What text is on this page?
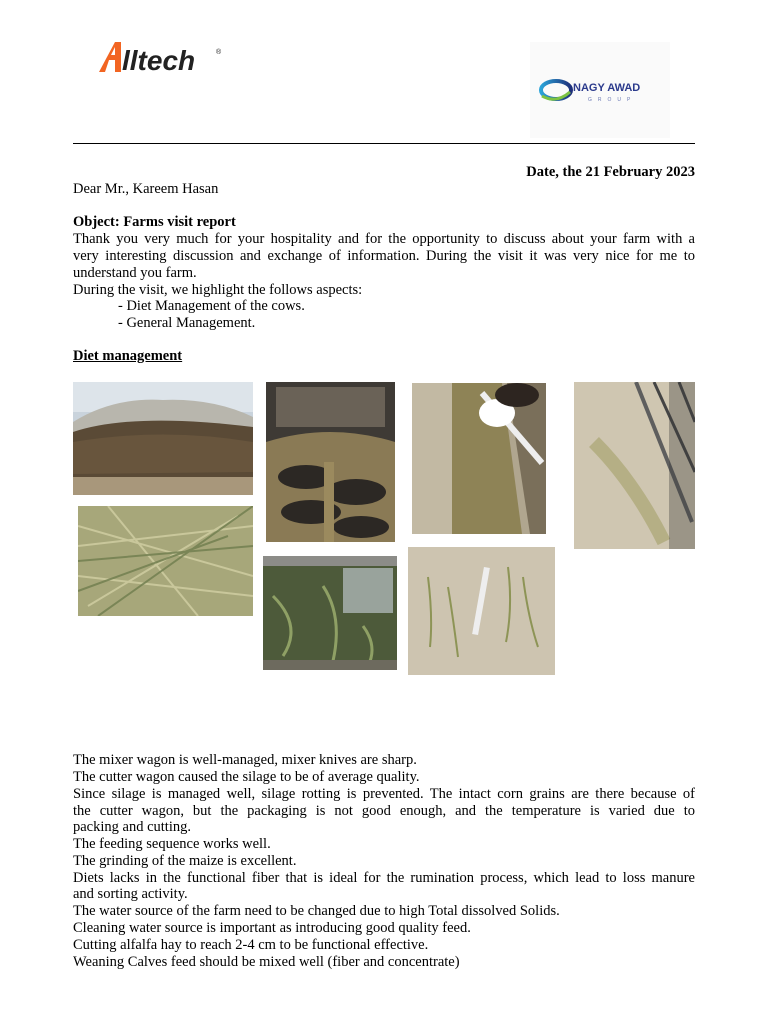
lltech	®
NAGY AWAD
GROUP
Date, the 21 February 2023
Dear Mr., Kareem Hasan
Object: Farms visit report
Thank you very much for your hospitality and for the opportunity to discuss about your farm with a
very interesting discussion and exchange of information. During the visit it was very nice for me to
understand you farm.
During the visit, we highlight the follows aspects:
- Diet Management of the cows.
- General Management.
Diet management
The mixer wagon is well-managed, mixer knives are sharp.
The cutter wagon caused the silage to be of average quality.
Since silage is managed well, silage rotting is prevented. The intact corn grains are there because of
the cutter wagon, but the packaging is not good enough, and the temperature is varied due to
packing and cutting.
The feeding sequence works well.
The grinding of the maize is excellent.
Diets lacks in the functional fiber that is ideal for the rumination process, which lead to loss manure
and sorting activity.
The water source of the farm need to be changed due to high Total dissolved Solids.
Cleaning water source is important as introducing good quality feed.
Cutting alfalfa hay to reach 2-4 cm to be functional effective.
Weaning Calves feed should be mixed well (fiber and concentrate)
